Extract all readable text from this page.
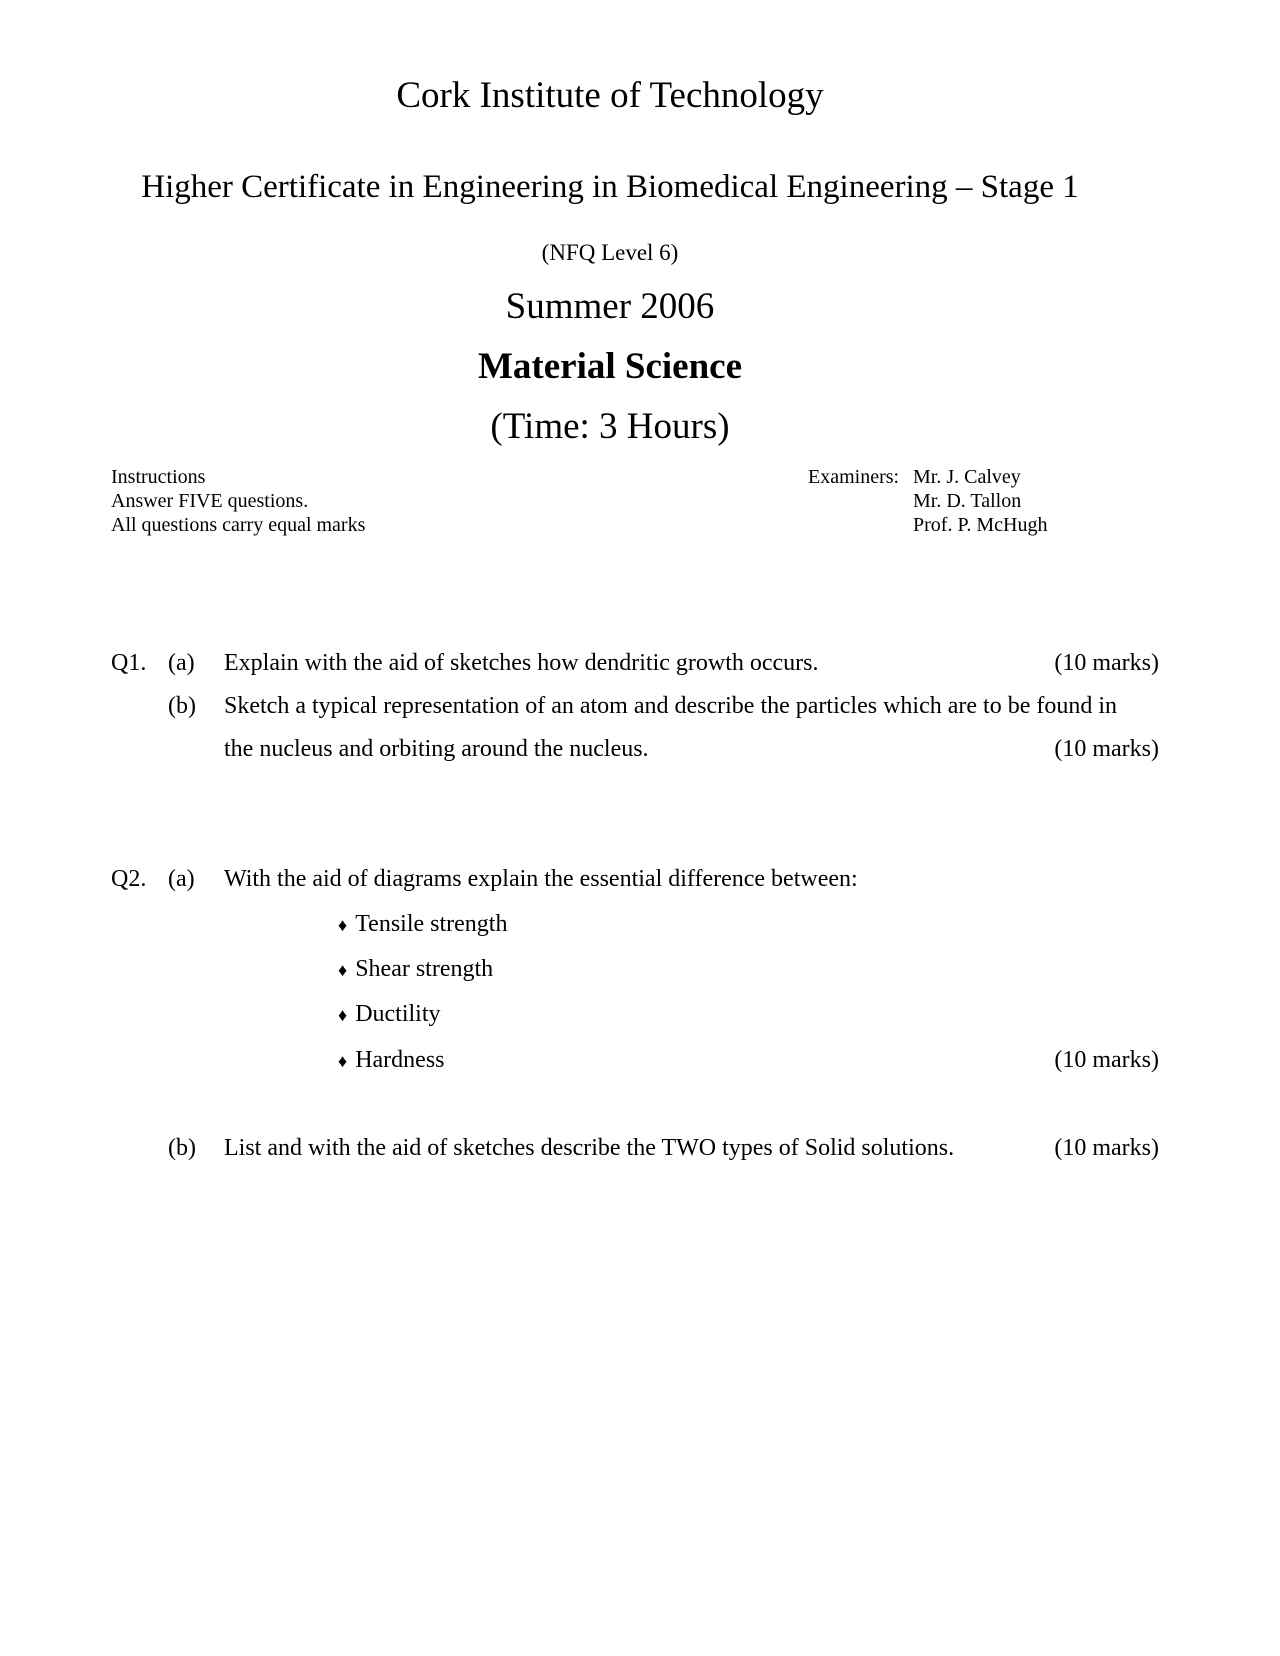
Cork Institute of Technology
Higher Certificate in Engineering in Biomedical Engineering – Stage 1
(NFQ Level 6)
Summer 2006
Material Science
(Time: 3 Hours)
Instructions
Answer FIVE questions.
All questions carry equal marks
Examiners: Mr. J. Calvey
Mr. D. Tallon
Prof. P. McHugh
Q1. (a) Explain with the aid of sketches how dendritic growth occurs.	(10 marks)
(b) Sketch a typical representation of an atom and describe the particles which are to be found in
the nucleus and orbiting around the nucleus.	(10 marks)
Q2. (a) With the aid of diagrams explain the essential difference between:
♦ Tensile strength
♦ Shear strength
♦ Ductility
♦ Hardness	(10 marks)
(b) List and with the aid of sketches describe the TWO types of Solid solutions.	(10 marks)
